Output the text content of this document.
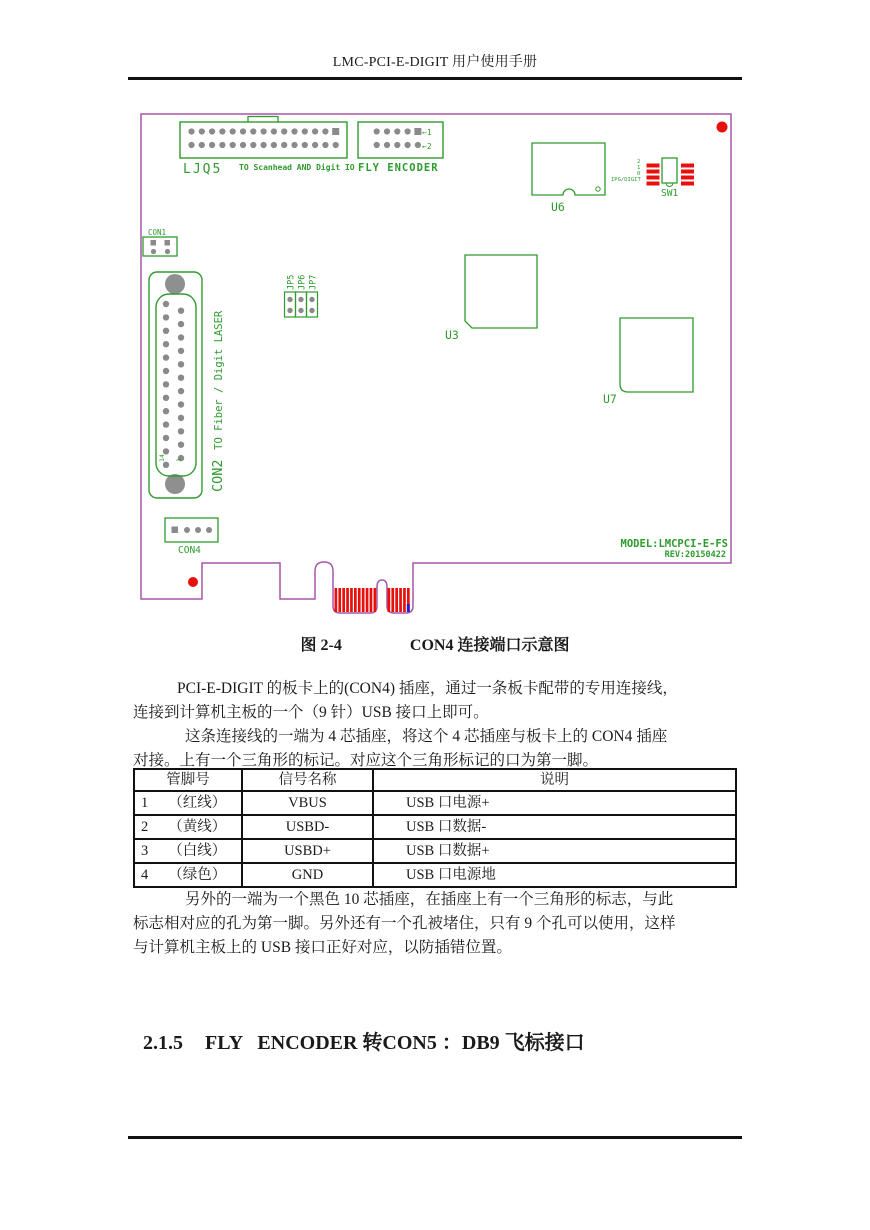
LMC-PCI-E-DIGIT 用户使用手册
LJQ5 TO Scanhead AND Digit IO
←1
←2
FLY ENCODER
U6
2
1
0
IPG/DIGIT
SW1
CON1
14 1 CON2 TO Fiber / Digit LASER
JP5 JP6 JP7
U3
U7
CON4
MODEL:LMCPCI-E-FS
REV:20150422
图 2-4	CON4 连接端口示意图
PCI-E-DIGIT 的板卡上的(CON4) 插座，通过一条板卡配带的专用连接线，
连接到计算机主板的一个（9 针）USB 接口上即可。
这条连接线的一端为 4 芯插座，将这个 4 芯插座与板卡上的 CON4 插座
对接。上有一个三角形的标记。对应这个三角形标记的口为第一脚。
管脚号	信号名称	说明
1 （红线）	VBUS	USB 口电源+
2 （黄线）	USBD-	USB 口数据-
3 （白线）	USBD+	USB 口数据+
4 （绿色）	GND	USB 口电源地
另外的一端为一个黑色 10 芯插座，在插座上有一个三角形的标志，与此
标志相对应的孔为第一脚。另外还有一个孔被堵住，只有 9 个孔可以使用，这样
与计算机主板上的 USB 接口正好对应，以防插错位置。

2.1.5 FLY   ENCODER 转CON5 ：DB9 飞标接口
